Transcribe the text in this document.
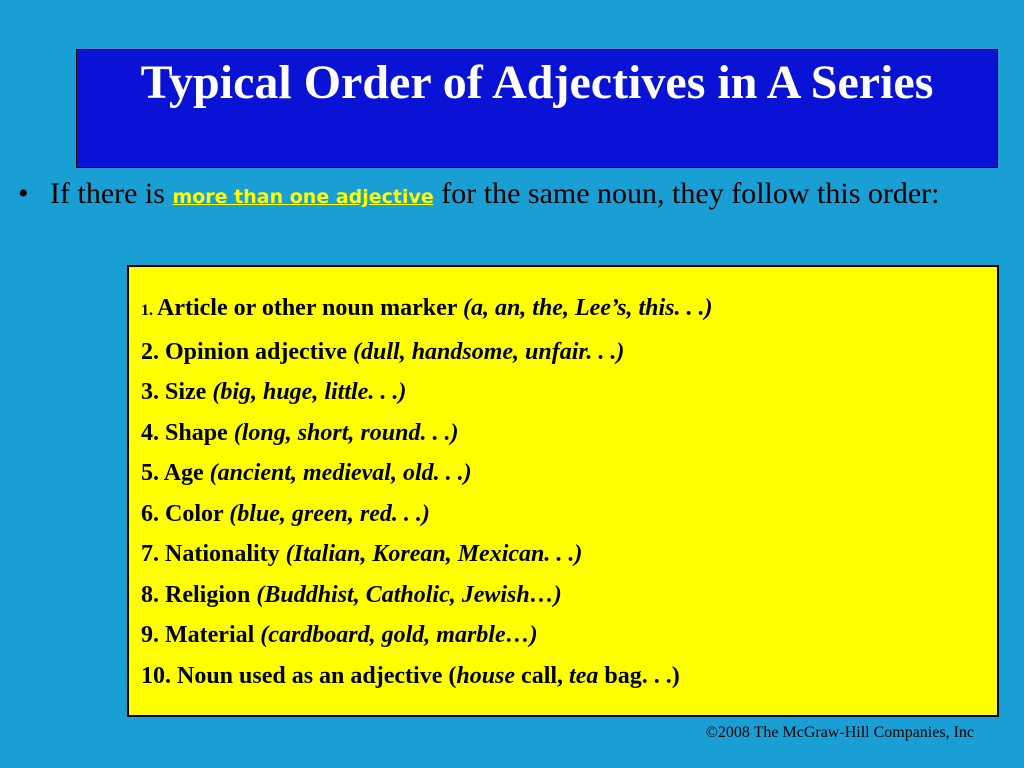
Typical Order of Adjectives in A Series
• If there is more than one adjective for the same noun, they follow this order:
1. Article or other noun marker (a, an, the, Lee’s, this. . .)
2. Opinion adjective (dull, handsome, unfair. . .)
3. Size (big, huge, little. . .)
4. Shape (long, short, round. . .)
5. Age (ancient, medieval, old. . .)
6. Color (blue, green, red. . .)
7. Nationality (Italian, Korean, Mexican. . .)
8. Religion (Buddhist, Catholic, Jewish…)
9. Material (cardboard, gold, marble…)
10. Noun used as an adjective (house call, tea bag. . .)
©2008 The McGraw-Hill Companies, Inc
